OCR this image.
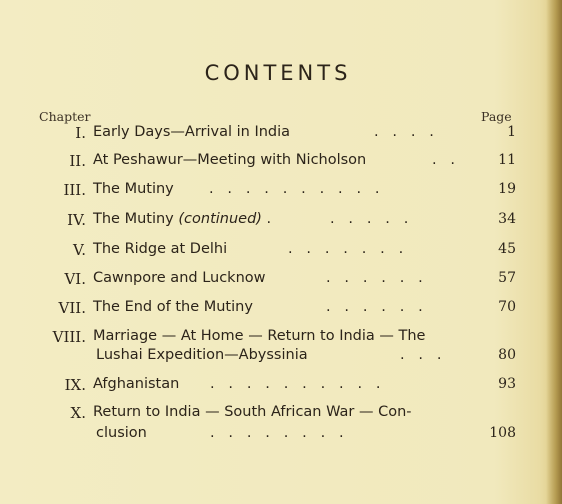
CONTENTS
Chapter	Page
I. Early Days—Arrival in India	.   .   .   .	1
II. At Peshawur—Meeting with Nicholson	.   .	11
III. The Mutiny .   .   .   .   .   .   .   .   .   .	19
IV. The Mutiny (continued) .	.   .   .   .   .	34
V. The Ridge at Delhi	.   .   .   .   .   .   .	45
VI. Cawnpore and Lucknow	.   .   .   .   .   .	57
VII. The End of the Mutiny	.   .   .   .   .   .	70
VIII. Marriage — At Home — Return to India — The
Lushai Expedition—Abyssinia	.   .   .	80
IX. Afghanistan .   .   .   .   .   .   .   .   .   .	93
X. Return to India — South African War — Con-
clusion	.   .   .   .   .   .   .   .	108
